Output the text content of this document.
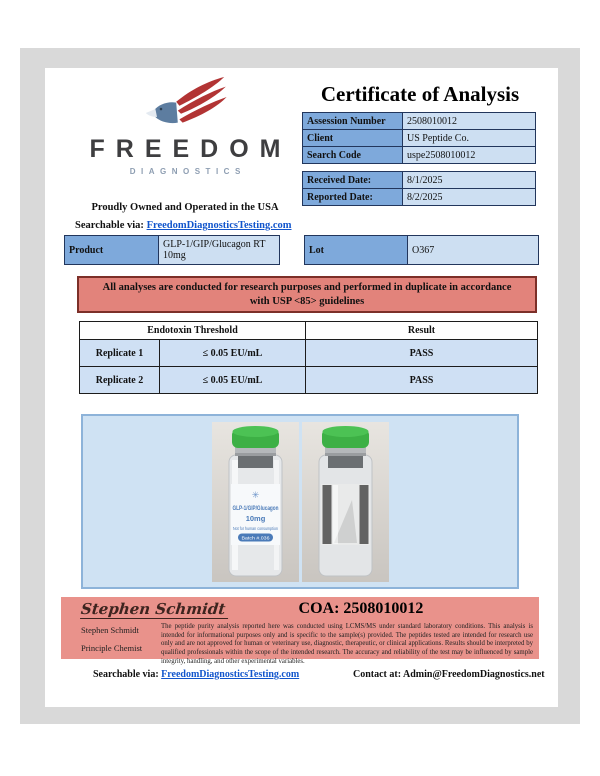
FREEDOM
DIAGNOSTICS
Proudly Owned and Operated in the USA
Searchable via: FreedomDiagnosticsTesting.com
Certificate of Analysis
Assession Number	2508010012
Client	US Peptide Co.
Search Code	uspe2508010012
Received Date:	8/1/2025
Reported Date:	8/2/2025
Product	GLP-1/GIP/Glucagon RT 10mg	Lot	O367
All analyses are conducted for research purposes and performed in duplicate in accordance with USP <85> guidelines
Endotoxin Threshold		Result
Replicate 1	≤ 0.05 EU/mL	PASS
Replicate 2	≤ 0.05 EU/mL	PASS
✳
GLP-1/GIP/Glucagon
10mg
Not for human consumption
Batch #.036
Stephen Schmidt	COA: 2508010012
Stephen Schmidt
Principle Chemist
The peptide purity analysis reported here was conducted using LCMS/MS under standard laboratory conditions. This analysis is intended for informational purposes only and is specific to the sample(s) provided. The peptides tested are intended for research use only and are not approved for human or veterinary use, diagnostic, therapeutic, or clinical applications. Results should be interpreted by qualified professionals within the scope of the intended research. The accuracy and reliability of the test may be influenced by sample integrity, handling, and other experimental variables.
Searchable via: FreedomDiagnosticsTesting.com	Contact at: Admin@FreedomDiagnostics.net
